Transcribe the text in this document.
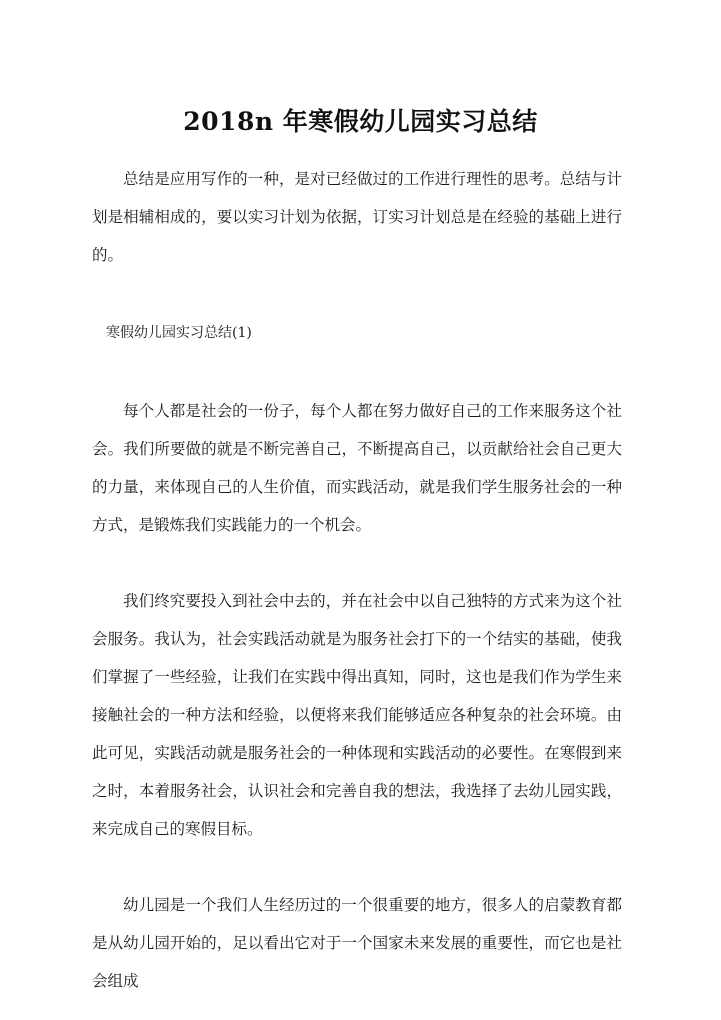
2018n 年寒假幼儿园实习总结

总结是应用写作的一种，是对已经做过的工作进行理性的思考。总结与计划是相辅相成的，要以实习计划为依据，订实习计划总是在经验的基础上进行的。

寒假幼儿园实习总结(1)

每个人都是社会的一份子，每个人都在努力做好自己的工作来服务这个社会。我们所要做的就是不断完善自己，不断提高自己，以贡献给社会自己更大的力量，来体现自己的人生价值，而实践活动，就是我们学生服务社会的一种方式，是锻炼我们实践能力的一个机会。

我们终究要投入到社会中去的，并在社会中以自己独特的方式来为这个社会服务。我认为，社会实践活动就是为服务社会打下的一个结实的基础，使我们掌握了一些经验，让我们在实践中得出真知，同时，这也是我们作为学生来接触社会的一种方法和经验，以便将来我们能够适应各种复杂的社会环境。由此可见，实践活动就是服务社会的一种体现和实践活动的必要性。在寒假到来之时，本着服务社会，认识社会和完善自我的想法，我选择了去幼儿园实践，来完成自己的寒假目标。

幼儿园是一个我们人生经历过的一个很重要的地方，很多人的启蒙教育都是从幼儿园开始的，足以看出它对于一个国家未来发展的重要性，而它也是社会组成
